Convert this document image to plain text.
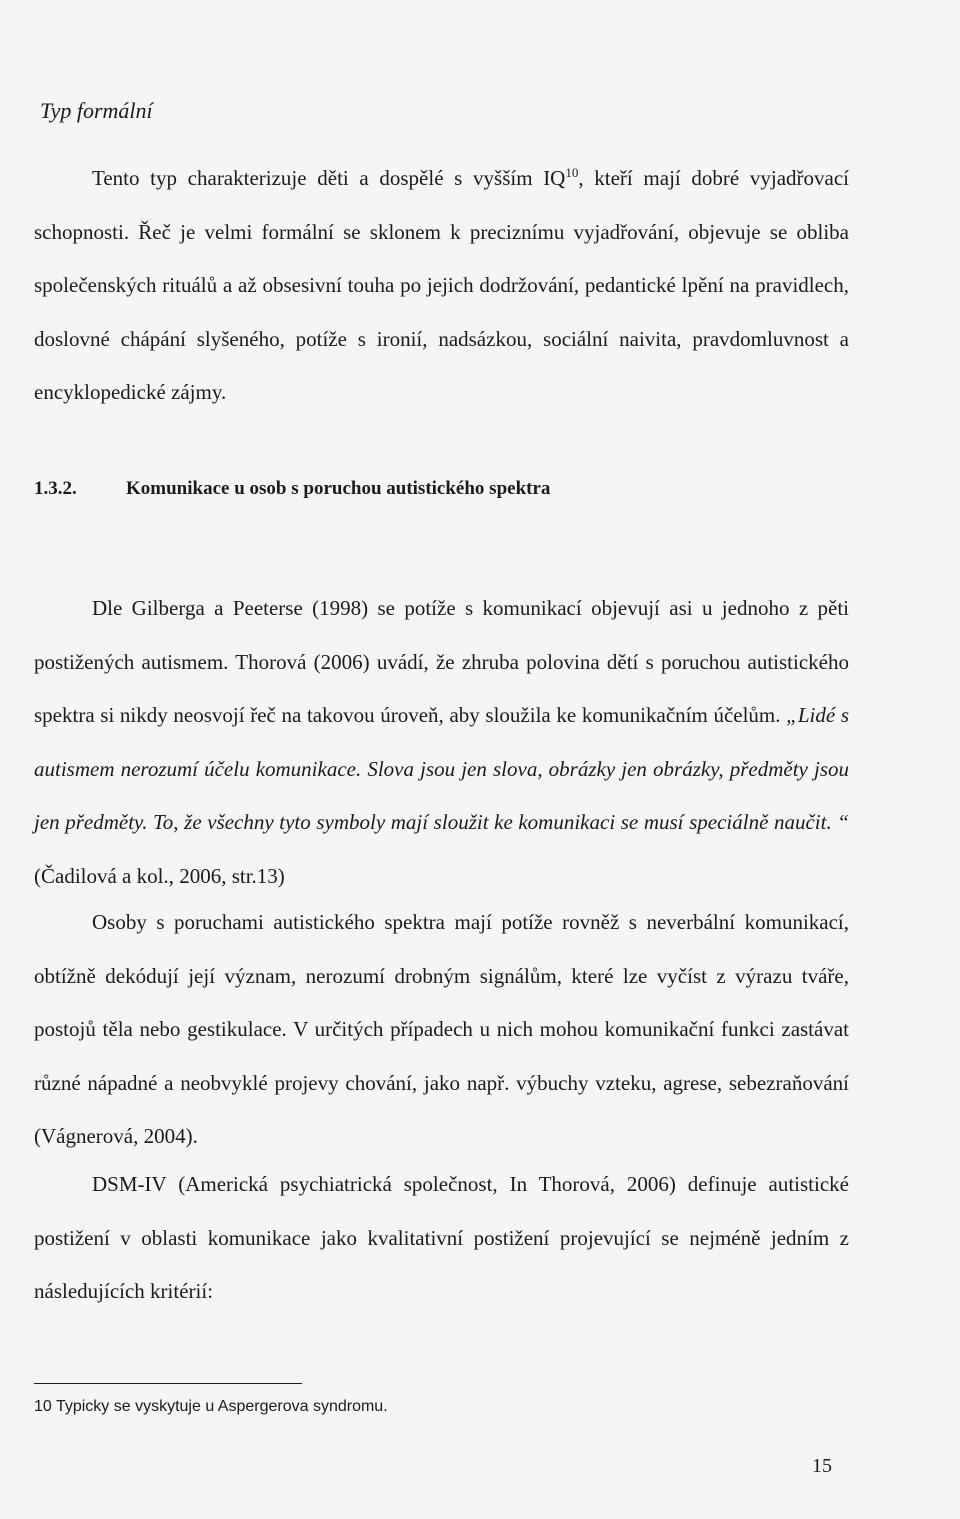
Typ formální
Tento typ charakterizuje děti a dospělé s vyšším IQ$^{10}$, kteří mají dobré vyjadřovací schopnosti. Řeč je velmi formální se sklonem k preciznímu vyjadřování, objevuje se obliba společenských rituálů a až obsesivní touha po jejich dodržování, pedantické lpění na pravidlech, doslovné chápání slyšeného, potíže s ironií, nadsázkou, sociální naivita, pravdomluvnost a encyklopedické zájmy.
1.3.2.	Komunikace u osob s poruchou autistického spektra
Dle Gilberga a Peeterse (1998) se potíže s komunikací objevují asi u jednoho z pěti postižených autismem. Thorová (2006) uvádí, že zhruba polovina dětí s poruchou autistického spektra si nikdy neosvojí řeč na takovou úroveň, aby sloužila ke komunikačním účelům. „Lidé s autismem nerozumí účelu komunikace. Slova jsou jen slova, obrázky jen obrázky, předměty jsou jen předměty. To, že všechny tyto symboly mají sloužit ke komunikaci se musí speciálně naučit. “ (Čadilová a kol., 2006, str.13)
Osoby s poruchami autistického spektra mají potíže rovněž s neverbální komunikací, obtížně dekódují její význam, nerozumí drobným signálům, které lze vyčíst z výrazu tváře, postojů těla nebo gestikulace. V určitých případech u nich mohou komunikační funkci zastávat různé nápadné a neobvyklé projevy chování, jako např. výbuchy vzteku, agrese, sebezraňování (Vágnerová, 2004).
DSM-IV (Americká psychiatrická společnost, In Thorová, 2006) definuje autistické postižení v oblasti komunikace jako kvalitativní postižení projevující se nejméně jedním z následujících kritérií:
10 Typicky se vyskytuje u Aspergerova syndromu.
15
